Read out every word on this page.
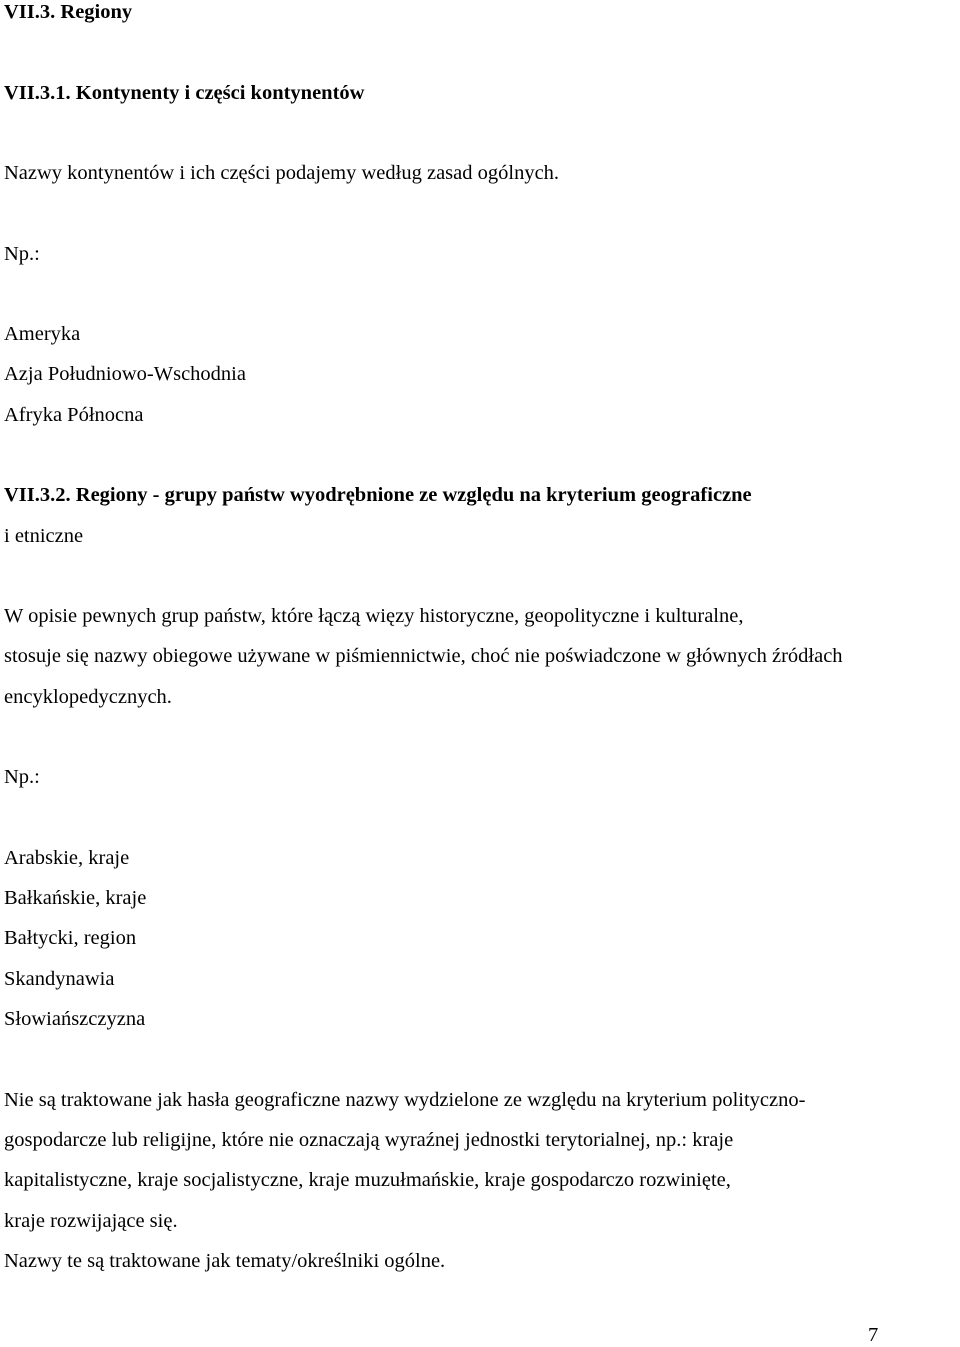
VII.3. Regiony
VII.3.1. Kontynenty i części kontynentów
Nazwy kontynentów i ich części podajemy według zasad ogólnych.
Np.:
Ameryka
Azja Południowo-Wschodnia
Afryka Północna
VII.3.2. Regiony - grupy państw wyodrębnione ze względu na kryterium geograficzne
i etniczne
W opisie pewnych grup państw, które łączą więzy historyczne, geopolityczne i kulturalne,
stosuje się nazwy obiegowe używane w piśmiennictwie, choć nie poświadczone w głównych źródłach
encyklopedycznych.
Np.:
Arabskie, kraje
Bałkańskie, kraje
Bałtycki, region
Skandynawia
Słowiańszczyzna
Nie są traktowane jak hasła geograficzne nazwy wydzielone ze względu na kryterium polityczno-
gospodarcze lub religijne, które nie oznaczają wyraźnej jednostki terytorialnej, np.: kraje
kapitalistyczne, kraje socjalistyczne, kraje muzułmańskie, kraje gospodarczo rozwinięte,
kraje rozwijające się.
Nazwy te są traktowane jak tematy/określniki ogólne.
7
